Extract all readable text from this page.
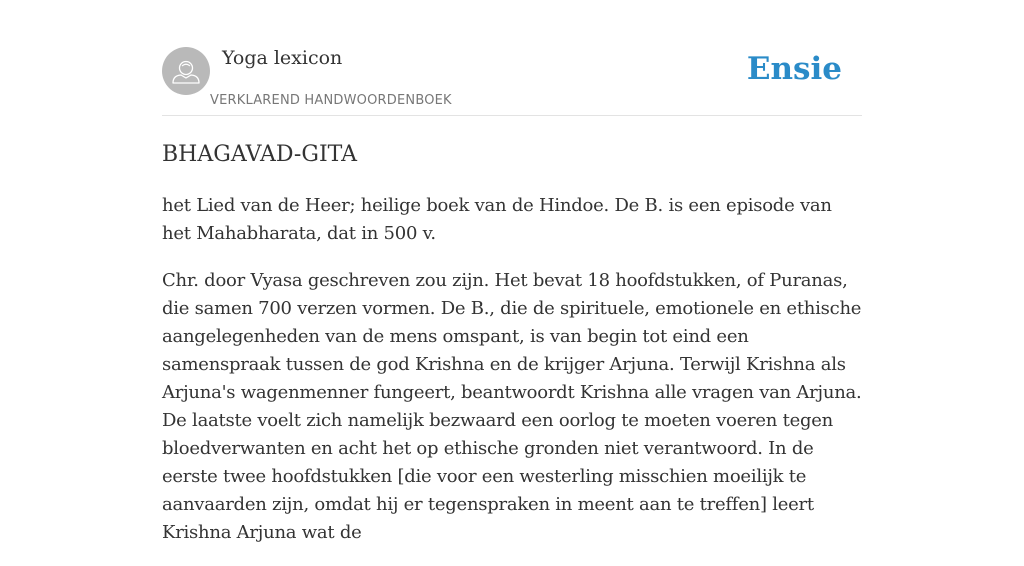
Yoga lexicon
VERKLAREND HANDWOORDENBOEK
Ensie
BHAGAVAD-GITA

het Lied van de Heer; heilige boek van de Hindoe. De B. is een episode van het Mahabharata, dat in 500 v.

Chr. door Vyasa geschreven zou zijn. Het bevat 18 hoofdstukken, of Puranas, die samen 700 verzen vormen. De B., die de spirituele, emotionele en ethische aangelegenheden van de mens omspant, is van begin tot eind een samenspraak tussen de god Krishna en de krijger Arjuna. Terwijl Krishna als Arjuna's wagenmenner fungeert, beantwoordt Krishna alle vragen van Arjuna. De laatste voelt zich namelijk bezwaard een oorlog te moeten voeren tegen bloedverwanten en acht het op ethische gronden niet verantwoord. In de eerste twee hoofdstukken [die voor een westerling misschien moeilijk te aanvaarden zijn, omdat hij er tegenspraken in meent aan te treffen] leert Krishna Arjuna wat de
